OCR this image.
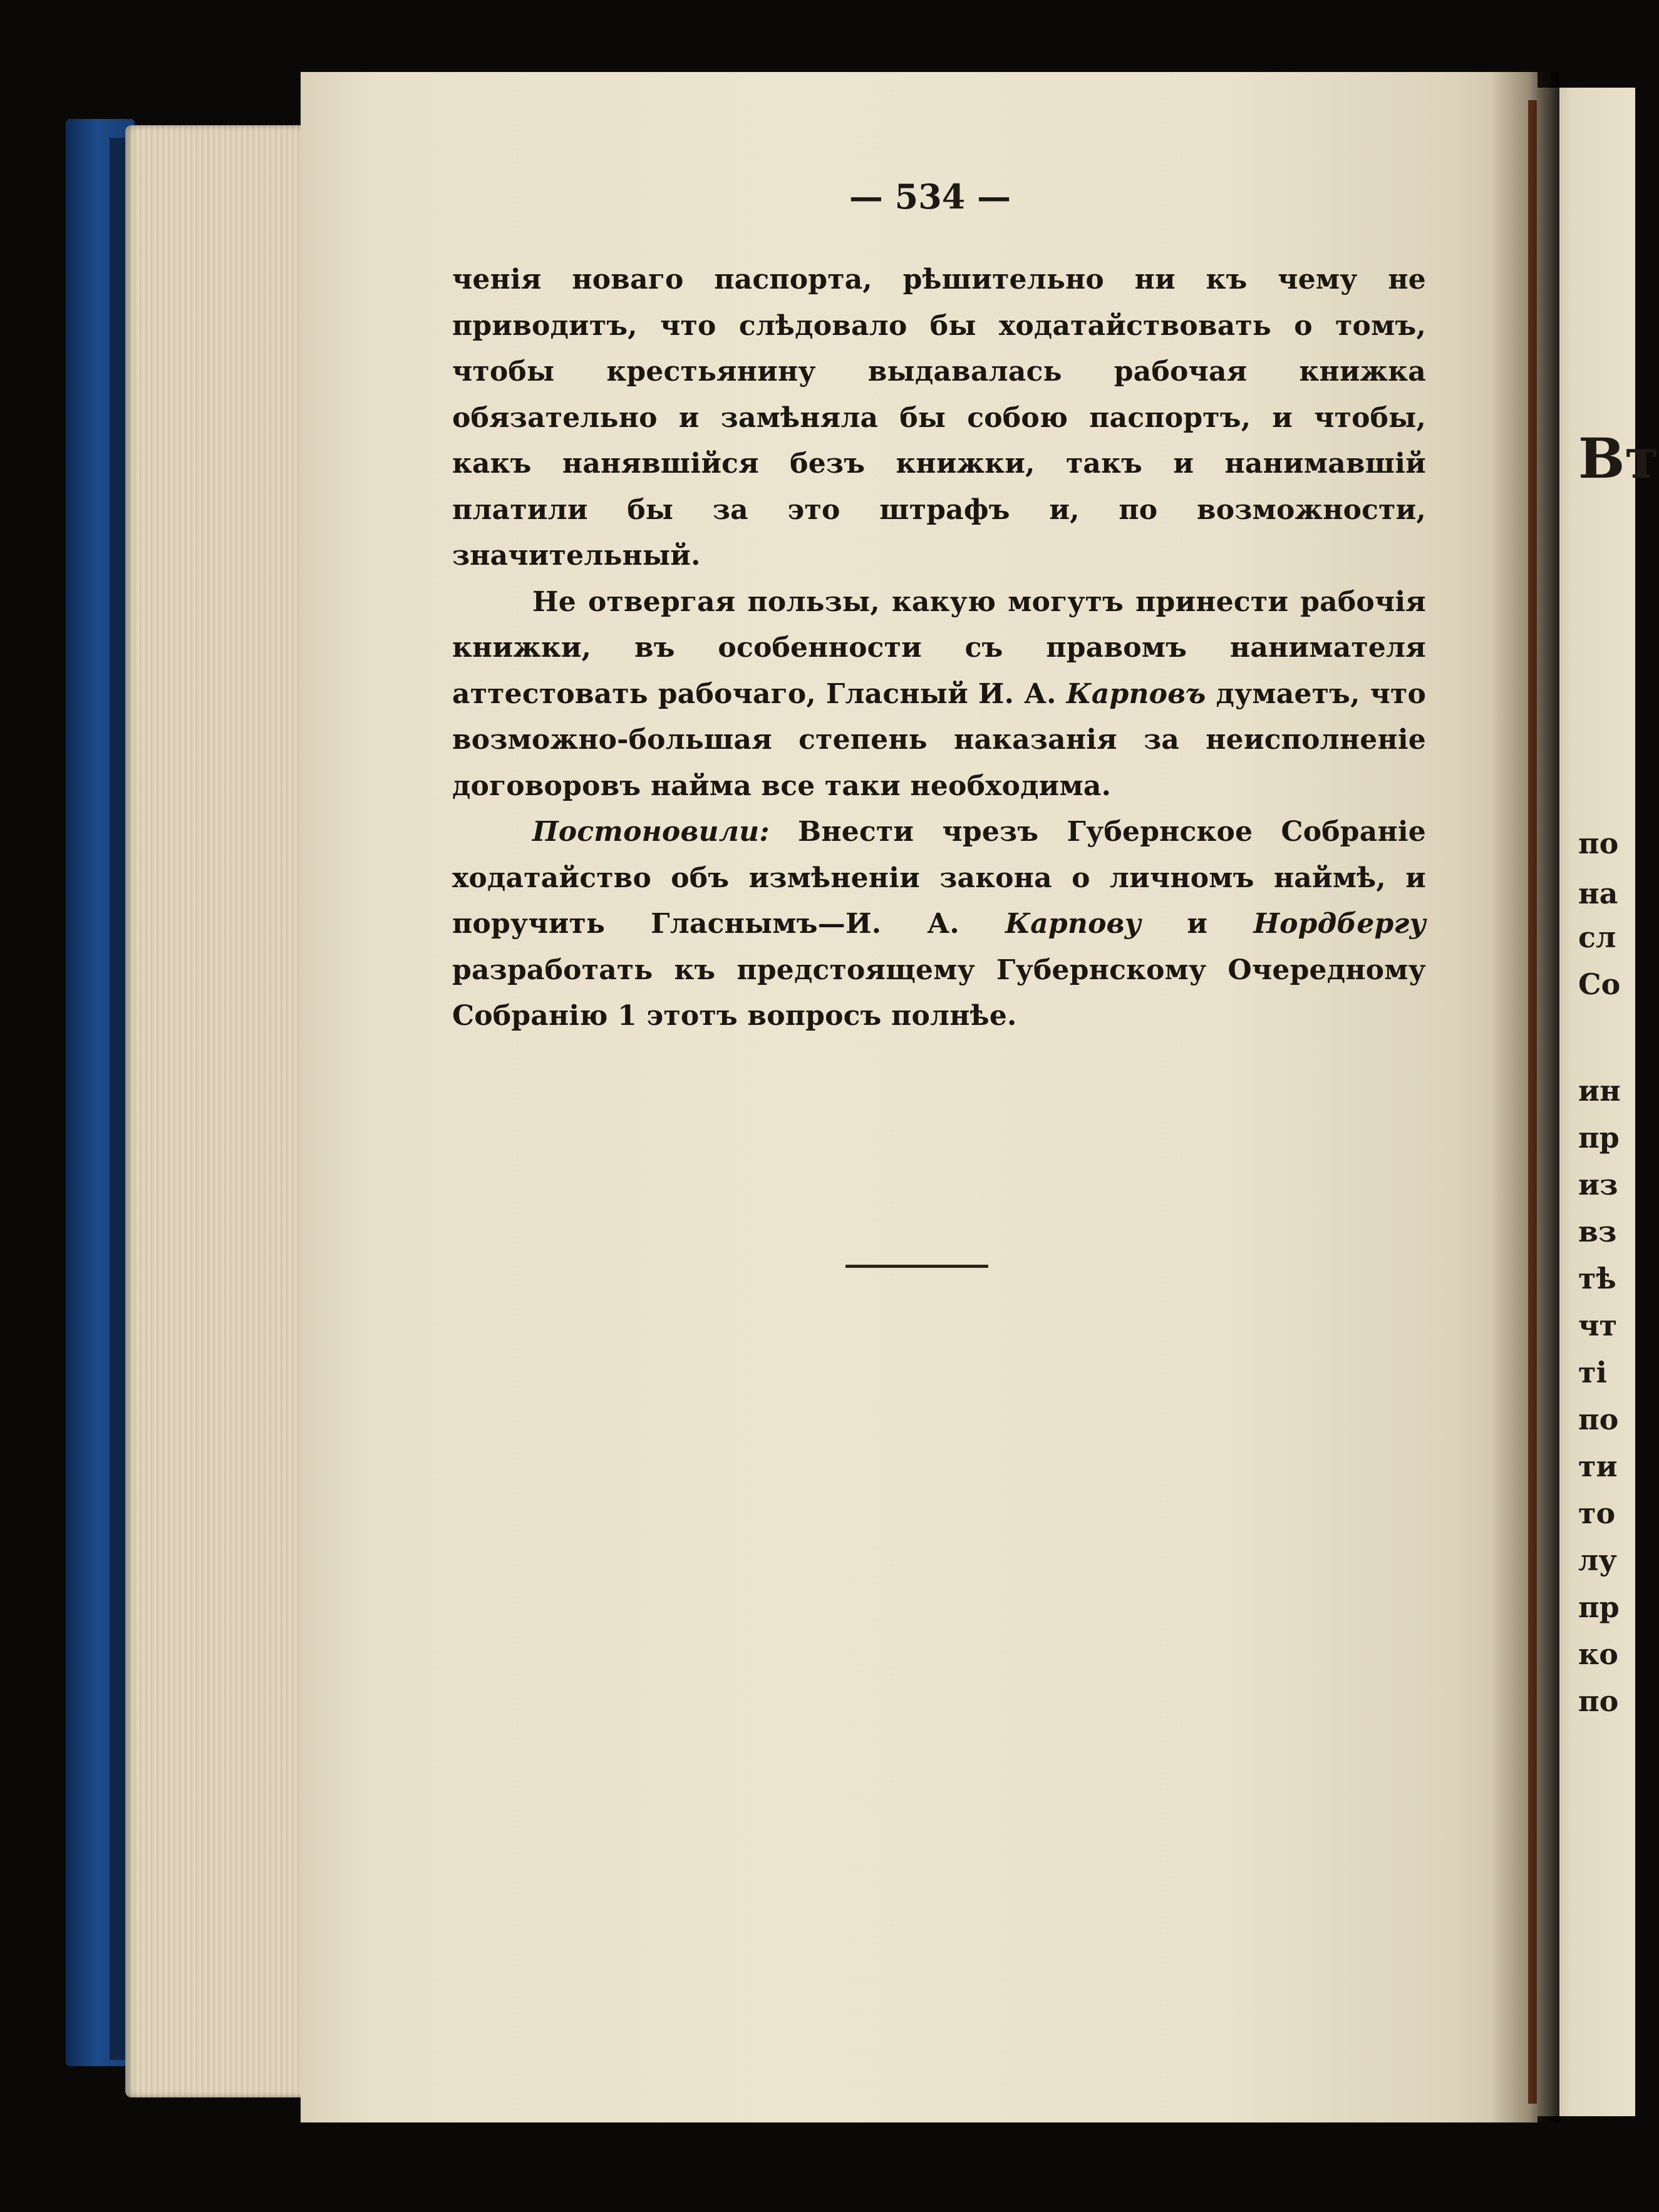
Вт
по
на
сл
Со
ин
пр
из
вз
тѣ
чт
ті
по
ти
то
лу
пр
ко
по
— 534 —

ченія новаго паспорта, рѣшительно ни къ чему не приводитъ, что слѣдовало бы ходатайствовать о томъ, чтобы крестьянину выдавалась рабочая книжка обязательно и замѣняла бы собою паспортъ, и чтобы, какъ нанявшійся безъ книжки, такъ и нанимавшій платили бы за это штрафъ и, по возможности, значительный.

Не отвергая пользы, какую могутъ принести рабочія книжки, въ особенности съ правомъ нанимателя аттестовать рабочаго, Гласный И. А. Карповъ думаетъ, что возможно-большая степень наказанія за неисполненіе договоровъ найма все таки необходима.

Постоновили: Внести чрезъ Губернское Собраніе ходатайство объ измѣненіи закона о личномъ наймѣ, и поручить Гласнымъ—И. А. Карпову и Нордбергу разработать къ предстоящему Губернскому Очередному Собранію 1 этотъ вопросъ полнѣе.
